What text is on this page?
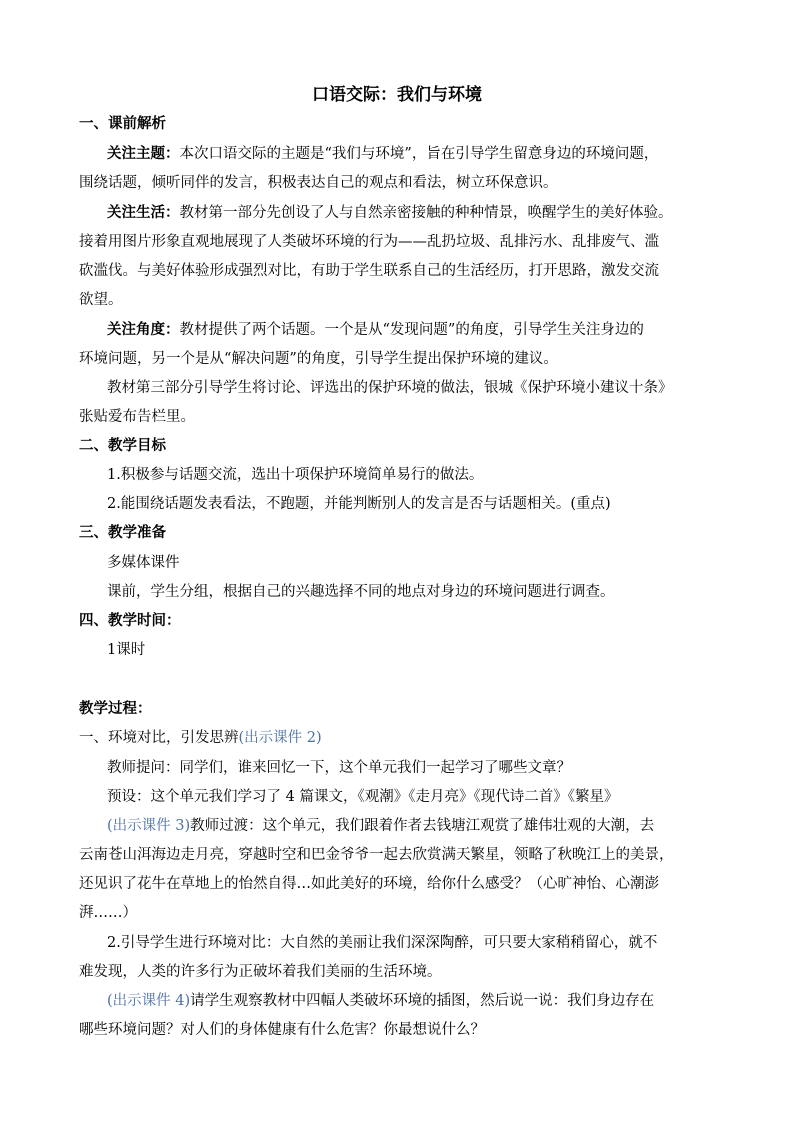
口语交际：我们与环境
一、课前解析
关注主题：本次口语交际的主题是“我们与环境”，旨在引导学生留意身边的环境问题，
围绕话题，倾听同伴的发言，积极表达自己的观点和看法，树立环保意识。
关注生活：教材第一部分先创设了人与自然亲密接触的种种情景，唤醒学生的美好体验。
接着用图片形象直观地展现了人类破坏环境的行为——乱扔垃圾、乱排污水、乱排废气、滥
砍滥伐。与美好体验形成强烈对比，有助于学生联系自己的生活经历，打开思路，激发交流
欲望。
关注角度：教材提供了两个话题。一个是从“发现问题”的角度，引导学生关注身边的
环境问题，另一个是从“解决问题”的角度，引导学生提出保护环境的建议。
教材第三部分引导学生将讨论、评选出的保护环境的做法，银城《保护环境小建议十条》
张贴爱布告栏里。
二、教学目标
1.积极参与话题交流，选出十项保护环境简单易行的做法。
2.能围绕话题发表看法，不跑题，并能判断别人的发言是否与话题相关。(重点)
三、教学准备
多媒体课件
课前，学生分组，根据自己的兴趣选择不同的地点对身边的环境问题进行调查。
四、教学时间：
1课时
教学过程：
一、环境对比，引发思辨(出示课件 2)
教师提问：同学们，谁来回忆一下，这个单元我们一起学习了哪些文章？
预设：这个单元我们学习了 4 篇课文，《观潮》《走月亮》《现代诗二首》《繁星》
(出示课件 3)教师过渡：这个单元，我们跟着作者去钱塘江观赏了雄伟壮观的大潮，去
云南苍山洱海边走月亮，穿越时空和巴金爷爷一起去欣赏满天繁星，领略了秋晚江上的美景，
还见识了花牛在草地上的怡然自得…如此美好的环境，给你什么感受？（心旷神怡、心潮澎
湃……）
2.引导学生进行环境对比：大自然的美丽让我们深深陶醉，可只要大家稍稍留心，就不
难发现，人类的许多行为正破坏着我们美丽的生活环境。
(出示课件 4)请学生观察教材中四幅人类破坏环境的插图，然后说一说：我们身边存在
哪些环境问题？对人们的身体健康有什么危害？你最想说什么？
